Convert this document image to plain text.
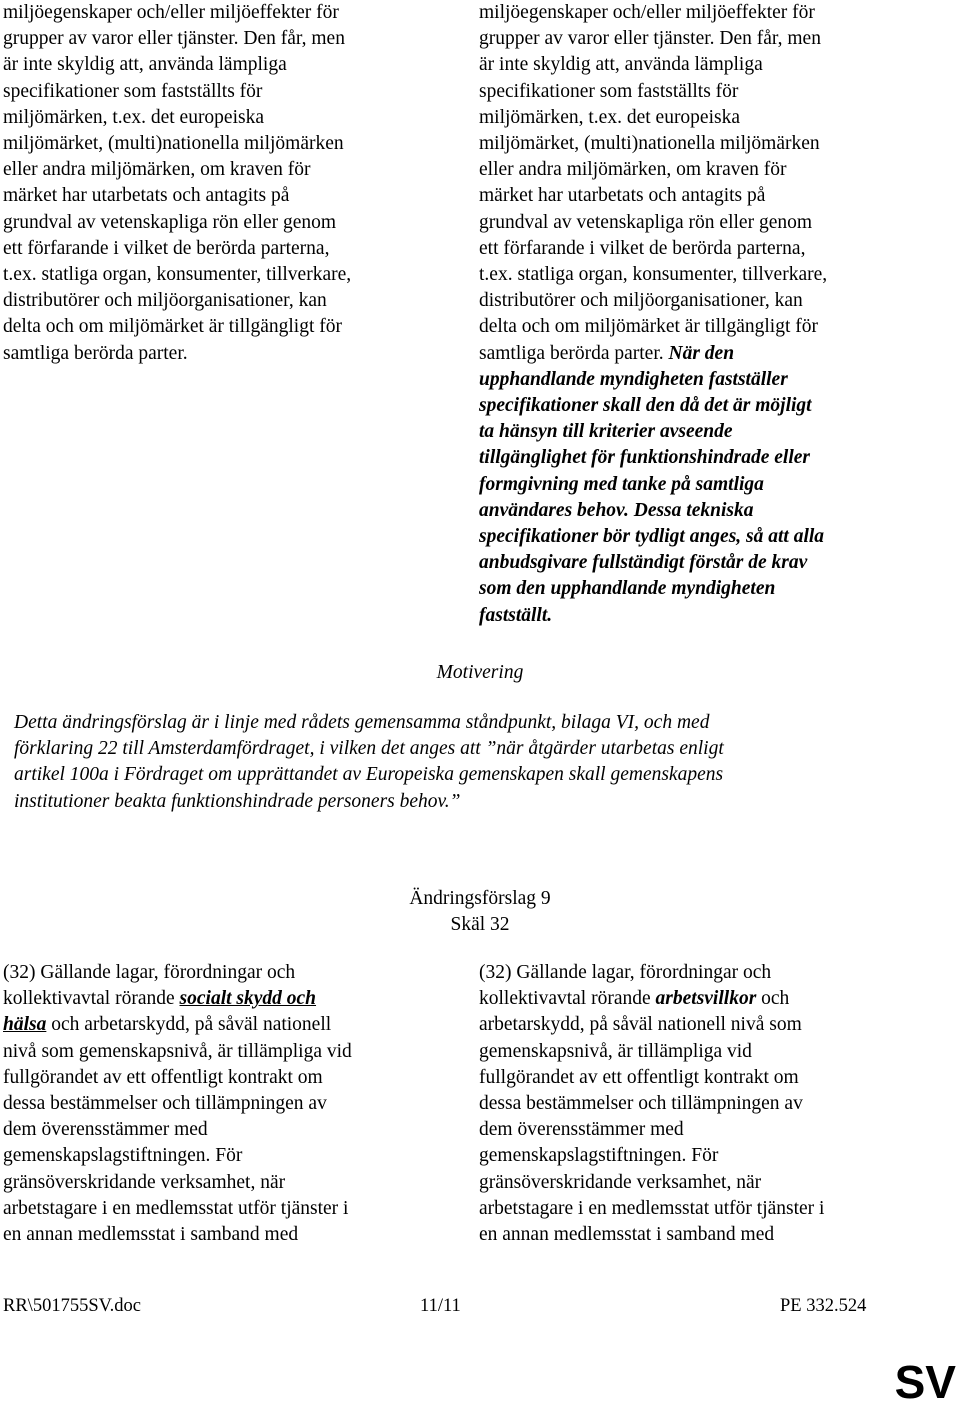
miljöegenskaper och/eller miljöeffekter för
grupper av varor eller tjänster. Den får, men
är inte skyldig att, använda lämpliga
specifikationer som fastställts för
miljömärken, t.ex. det europeiska
miljömärket, (multi)nationella miljömärken
eller andra miljömärken, om kraven för
märket har utarbetats och antagits på
grundval av vetenskapliga rön eller genom
ett förfarande i vilket de berörda parterna,
t.ex. statliga organ, konsumenter, tillverkare,
distributörer och miljöorganisationer, kan
delta och om miljömärket är tillgängligt för
samtliga berörda parter.
miljöegenskaper och/eller miljöeffekter för
grupper av varor eller tjänster. Den får, men
är inte skyldig att, använda lämpliga
specifikationer som fastställts för
miljömärken, t.ex. det europeiska
miljömärket, (multi)nationella miljömärken
eller andra miljömärken, om kraven för
märket har utarbetats och antagits på
grundval av vetenskapliga rön eller genom
ett förfarande i vilket de berörda parterna,
t.ex. statliga organ, konsumenter, tillverkare,
distributörer och miljöorganisationer, kan
delta och om miljömärket är tillgängligt för
samtliga berörda parter. När den
upphandlande myndigheten fastställer
specifikationer skall den då det är möjligt
ta hänsyn till kriterier avseende
tillgänglighet för funktionshindrade eller
formgivning med tanke på samtliga
användares behov. Dessa tekniska
specifikationer bör tydligt anges, så att alla
anbudsgivare fullständigt förstår de krav
som den upphandlande myndigheten
fastställt.
Motivering
Detta ändringsförslag är i linje med rådets gemensamma ståndpunkt, bilaga VI, och med
förklaring 22 till Amsterdamfördraget, i vilken det anges att ”när åtgärder utarbetas enligt
artikel 100a i Fördraget om upprättandet av Europeiska gemenskapen skall gemenskapens
institutioner beakta funktionshindrade personers behov.”
Ändringsförslag 9
Skäl 32
(32) Gällande lagar, förordningar och
kollektivavtal rörande socialt skydd och
hälsa och arbetarskydd, på såväl nationell
nivå som gemenskapsnivå, är tillämpliga vid
fullgörandet av ett offentligt kontrakt om
dessa bestämmelser och tillämpningen av
dem överensstämmer med
gemenskapslagstiftningen. För
gränsöverskridande verksamhet, när
arbetstagare i en medlemsstat utför tjänster i
en annan medlemsstat i samband med
(32) Gällande lagar, förordningar och
kollektivavtal rörande arbetsvillkor och
arbetarskydd, på såväl nationell nivå som
gemenskapsnivå, är tillämpliga vid
fullgörandet av ett offentligt kontrakt om
dessa bestämmelser och tillämpningen av
dem överensstämmer med
gemenskapslagstiftningen. För
gränsöverskridande verksamhet, när
arbetstagare i en medlemsstat utför tjänster i
en annan medlemsstat i samband med
RR\501755SV.doc	11/11	PE 332.524
SV
